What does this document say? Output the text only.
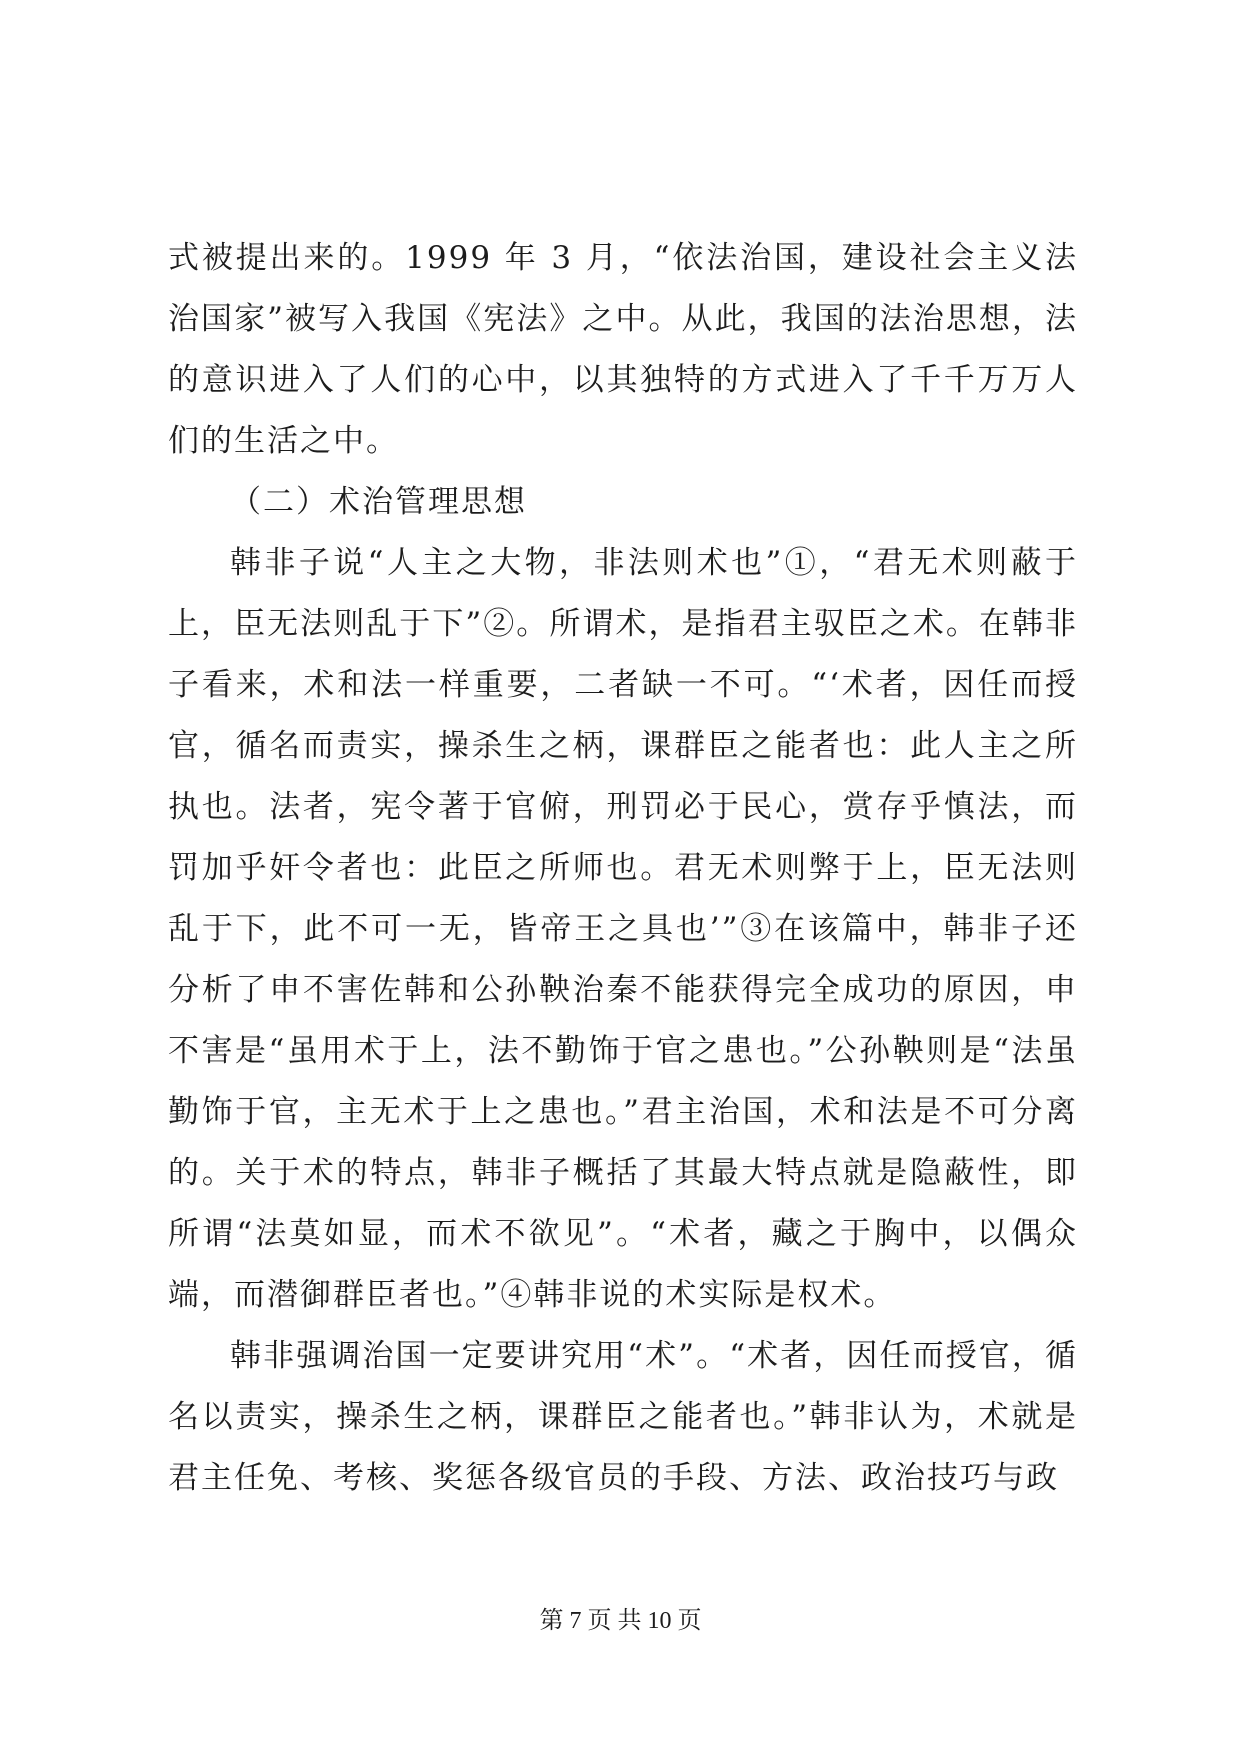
式被提出来的。1999 年 3 月，“依法治国，建设社会主义法治国家”被写入我国《宪法》之中。从此，我国的法治思想，法的意识进入了人们的心中，以其独特的方式进入了千千万万人们的生活之中。

（二）术治管理思想

韩非子说“人主之大物，非法则术也”①，“君无术则蔽于上，臣无法则乱于下”②。所谓术，是指君主驭臣之术。在韩非子看来，术和法一样重要，二者缺一不可。“‘术者，因任而授官，循名而责实，操杀生之柄，课群臣之能者也：此人主之所执也。法者，宪令著于官俯，刑罚必于民心，赏存乎慎法，而罚加乎奸令者也：此臣之所师也。君无术则弊于上，臣无法则乱于下，此不可一无，皆帝王之具也’”③在该篇中，韩非子还分析了申不害佐韩和公孙鞅治秦不能获得完全成功的原因，申不害是“虽用术于上，法不勤饰于官之患也。”公孙鞅则是“法虽勤饰于官，主无术于上之患也。”君主治国，术和法是不可分离的。关于术的特点，韩非子概括了其最大特点就是隐蔽性，即所谓“法莫如显，而术不欲见”。“术者，藏之于胸中，以偶众端，而潜御群臣者也。”④韩非说的术实际是权术。

韩非强调治国一定要讲究用“术”。“术者，因任而授官，循名以责实，操杀生之柄，课群臣之能者也。”韩非认为，术就是君主任免、考核、奖惩各级官员的手段、方法、政治技巧与政

第 7 页 共 10 页
